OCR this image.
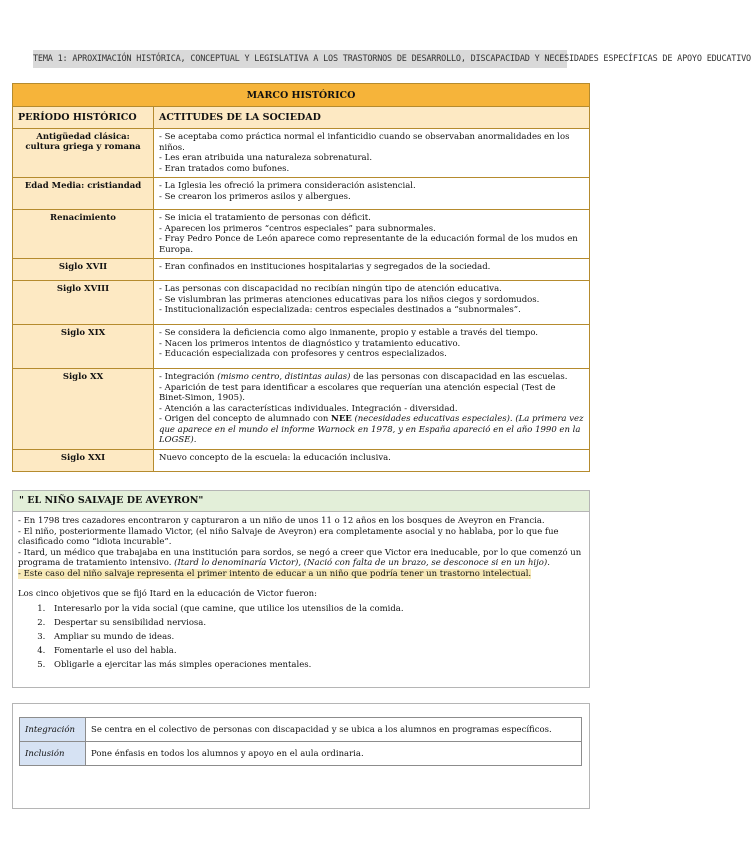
TEMA 1: APROXIMACIÓN HISTÓRICA, CONCEPTUAL Y LEGISLATIVA A LOS TRASTORNOS DE DESARROLLO, DISCAPACIDAD Y NECESIDADES ESPECÍFICAS DE APOYO EDUCATIVO
MARCO HISTÓRICO	
PERÍODO HISTÓRICO	ACTITUDES DE LA SOCIEDAD
Antigüedad clásica: cultura griega y romana	- Se aceptaba como práctica normal el infanticidio cuando se observaban anormalidades en los niños.
- Les eran atribuida una naturaleza sobrenatural.
- Eran tratados como bufones.

Edad Media: cristiandad	- La Iglesia les ofreció la primera consideración asistencial.
- Se crearon los primeros asilos y albergues.

Renacimiento	- Se inicia el tratamiento de personas con déficit.
- Aparecen los primeros “centros especiales” para subnormales.
- Fray Pedro Ponce de León aparece como representante de la educación formal de los mudos en Europa.

Siglo XVII	- Eran confinados en instituciones hospitalarias y segregados de la sociedad.

Siglo XVIII	- Las personas con discapacidad no recibían ningún tipo de atención educativa.
- Se vislumbran las primeras atenciones educativas para los niños ciegos y sordomudos.
- Institucionalización especializada: centros especiales destinados a “subnormales”.

Siglo XIX	- Se considera la deficiencia como algo inmanente, propio y estable a través del tiempo.
- Nacen los primeros intentos de diagnóstico y tratamiento educativo.
- Educación especializada con profesores y centros especializados.

Siglo XX	- Integración (mismo centro, distintas aulas) de las personas con discapacidad en las escuelas.
- Aparición de test para identificar a escolares que requerían una atención especial (Test de Binet-Simon, 1905).
- Atención a las características individuales. Integración - diversidad.
- Origen del concepto de alumnado con NEE (necesidades educativas especiales). (La primera vez que aparece en el mundo el informe Warnock en 1978, y en España apareció en el año 1990 en la LOGSE).

Siglo XXI	Nuevo concepto de la escuela: la educación inclusiva.
" EL NIÑO SALVAJE DE AVEYRON"

- En 1798 tres cazadores encontraron y capturaron a un niño de unos 11 o 12 años en los bosques de Aveyron en Francia.

- El niño, posteriormente llamado Victor, (el niño Salvaje de Aveyron) era completamente asocial y no hablaba, por lo que fue clasificado como “idiota incurable”.

- Itard, un médico que trabajaba en una institución para sordos, se negó a creer que Victor era ineducable, por lo que comenzó un programa de tratamiento intensivo. (Itard lo denominaría Victor), (Nació con falta de un brazo, se desconoce si en un hijo).

- Este caso del niño salvaje representa el primer intento de educar a un niño que podría tener un trastorno intelectual.

Los cinco objetivos que se fijó Itard en la educación de Victor fueron:

1. Interesarlo por la vida social (que camine, que utilice los utensilios de la comida.
2. Despertar su sensibilidad nerviosa.
3. Ampliar su mundo de ideas.
4. Fomentarle el uso del habla.
5. Obligarle a ejercitar las más simples operaciones mentales.
Integración	Se centra en el colectivo de personas con discapacidad y se ubica a los alumnos en programas específicos.
Inclusión	Pone énfasis en todos los alumnos y apoyo en el aula ordinaria.
